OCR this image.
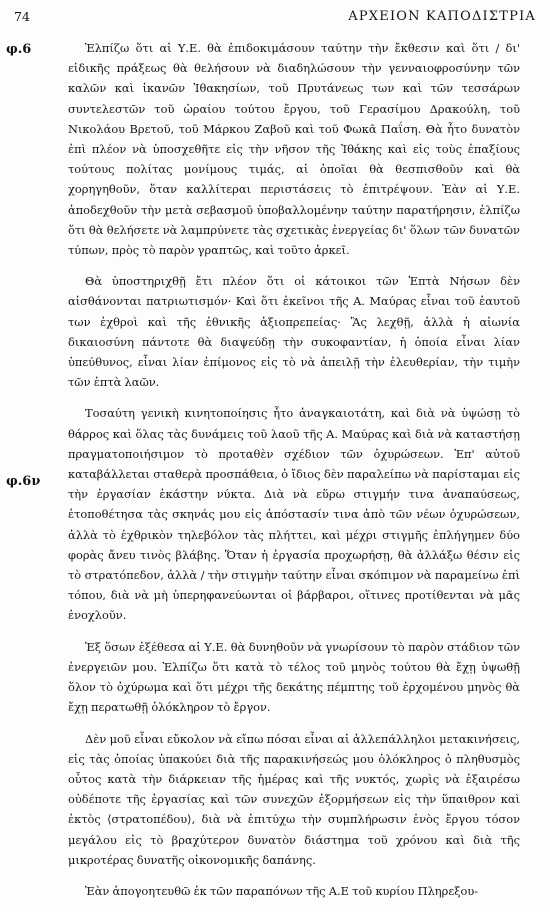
74	ΑΡΧΕΙΟΝ ΚΑΠΟΔΙΣΤΡΙΑ
φ.6
φ.6ν

Ἐλπίζω ὅτι αἱ Υ.Ε. θὰ ἐπιδοκιμάσουν ταύτην τὴν ἔκθεσιν καὶ ὅτι / δι' εἰδικῆς πράξεως θὰ θελήσουν νὰ διαδηλώσουν τὴν γενναιοφροσύνην τῶν καλῶν καὶ ἱκανῶν Ἰθακησίων, τοῦ Πρυτάνεως των καὶ τῶν τεσσάρων συντελεστῶν τοῦ ὡραίου τούτου ἔργου, τοῦ Γερασίμου Δρακούλη, τοῦ Νικολάου Βρετοῦ, τοῦ Μάρκου Ζαβοῦ καὶ τοῦ Φωκᾶ Παΐση. Θὰ ἦτο δυνατὸν ἐπὶ πλέον νὰ ὑποσχεθῆτε εἰς τὴν νῆσον τῆς Ἰθάκης καὶ εἰς τοὺς ἐπαξίους τούτους πολίτας μονίμους τιμάς, αἱ ὁποῖαι θὰ θεσπισθοῦν καὶ θὰ χορηγηθοῦν, ὅταν καλλίτεραι περιστάσεις τὸ ἐπιτρέψουν. Ἐὰν αἱ Υ.Ε. ἀποδεχθοῦν τὴν μετὰ σεβασμοῦ ὑποβαλλομένην ταύτην παρατήρησιν, ἐλπίζω ὅτι θὰ θελήσετε νὰ λαμπρύνετε τὰς σχετικὰς ἐνεργείας δι' ὅλων τῶν δυνατῶν τύπων, πρὸς τὸ παρὸν γραπτῶς, καὶ τοῦτο ἀρκεῖ.

Θὰ ὑποστηριχθῇ ἔτι πλέον ὅτι οἱ κάτοικοι τῶν Ἑπτὰ Νήσων δὲν αἰσθάνονται πατριωτισμόν· Καὶ ὅτι ἐκεῖνοι τῆς Α. Μαύρας εἶναι τοῦ ἑαυτοῦ των ἐχθροὶ καὶ τῆς ἐθνικῆς ἀξιοπρεπείας· Ἂς λεχθῇ, ἀλλὰ ἡ αἰωνία δικαιοσύνη πάντοτε θὰ διαψεύδῃ τὴν συκοφαντίαν, ἡ ὁποία εἶναι λίαν ὑπεύθυνος, εἶναι λίαν ἐπίμονος εἰς τὸ νὰ ἀπειλῇ τὴν ἐλευθερίαν, τὴν τιμὴν τῶν ἑπτὰ λαῶν.

Τοσαύτη γενικὴ κινητοποίησις ἦτο ἀναγκαιοτάτη, καὶ διὰ νὰ ὑψώσῃ τὸ θάρρος καὶ ὅλας τὰς δυνάμεις τοῦ λαοῦ τῆς Α. Μαύρας καὶ διὰ νὰ καταστήσῃ πραγματοποιήσιμον τὸ προταθὲν σχέδιον τῶν ὀχυρώσεων. Ἐπ' αὐτοῦ καταβάλλεται σταθερὰ προσπάθεια, ὁ ἴδιος δὲν παραλείπω νὰ παρίσταμαι εἰς τὴν ἐργασίαν ἑκάστην νύκτα. Διὰ νὰ εὕρω στιγμήν τινα ἀναπαύσεως, ἐτοποθέτησα τὰς σκηνάς μου εἰς ἀπόστασίν τινα ἀπὸ τῶν νέων ὀχυρώσεων, ἀλλὰ τὸ ἐχθρικὸν τηλεβόλον τὰς πλήττει, καὶ μέχρι στιγμῆς ἐπλήγημεν δύο φορὰς ἄνευ τινὸς βλάβης. Ὅταν ἡ ἐργασία προχωρήσῃ, θὰ ἀλλάξω θέσιν εἰς τὸ στρατόπεδον, ἀλλὰ / τὴν στιγμὴν ταύτην εἶναι σκόπιμον νὰ παραμείνω ἐπὶ τόπου, διὰ νὰ μὴ ὑπερηφανεύωνται οἱ βάρβαροι, οἵτινες προτίθενται νὰ μᾶς ἐνοχλοῦν.

Ἐξ ὅσων ἐξέθεσα αἱ Υ.Ε. θὰ δυνηθοῦν νὰ γνωρίσουν τὸ παρὸν στάδιον τῶν ἐνεργειῶν μου. Ἐλπίζω ὅτι κατὰ τὸ τέλος τοῦ μηνὸς τούτου θὰ ἔχῃ ὑψωθῇ ὅλον τὸ ὀχύρωμα καὶ ὅτι μέχρι τῆς δεκάτης πέμπτης τοῦ ἐρχομένου μηνὸς θὰ ἔχῃ περατωθῇ ὁλόκληρον τὸ ἔργον.

Δὲν μοῦ εἶναι εὔκολον νὰ εἴπω πόσαι εἶναι αἱ ἀλλεπάλληλοι μετακινήσεις, εἰς τὰς ὁποίας ὑπακούει διὰ τῆς παρακινήσεώς μου ὁλόκληρος ὁ πληθυσμὸς οὗτος κατὰ τὴν διάρκειαν τῆς ἡμέρας καὶ τῆς νυκτός, χωρὶς νὰ ἐξαιρέσω οὐδέποτε τῆς ἐργασίας καὶ τῶν συνεχῶν ἐξορμήσεων εἰς τὴν ὕπαιθρον καὶ ἐκτὸς ⟨στρατοπέδου⟩, διὰ νὰ ἐπιτύχω τὴν συμπλήρωσιν ἑνὸς ἔργου τόσον μεγάλου εἰς τὸ βραχύτερον δυνατὸν διάστημα τοῦ χρόνου καὶ διὰ τῆς μικροτέρας δυνατῆς οἰκονομικῆς δαπάνης.

Ἐὰν ἀπογοητευθῶ ἐκ τῶν παραπόνων τῆς Α.Ε τοῦ κυρίου Πληρεξου-
